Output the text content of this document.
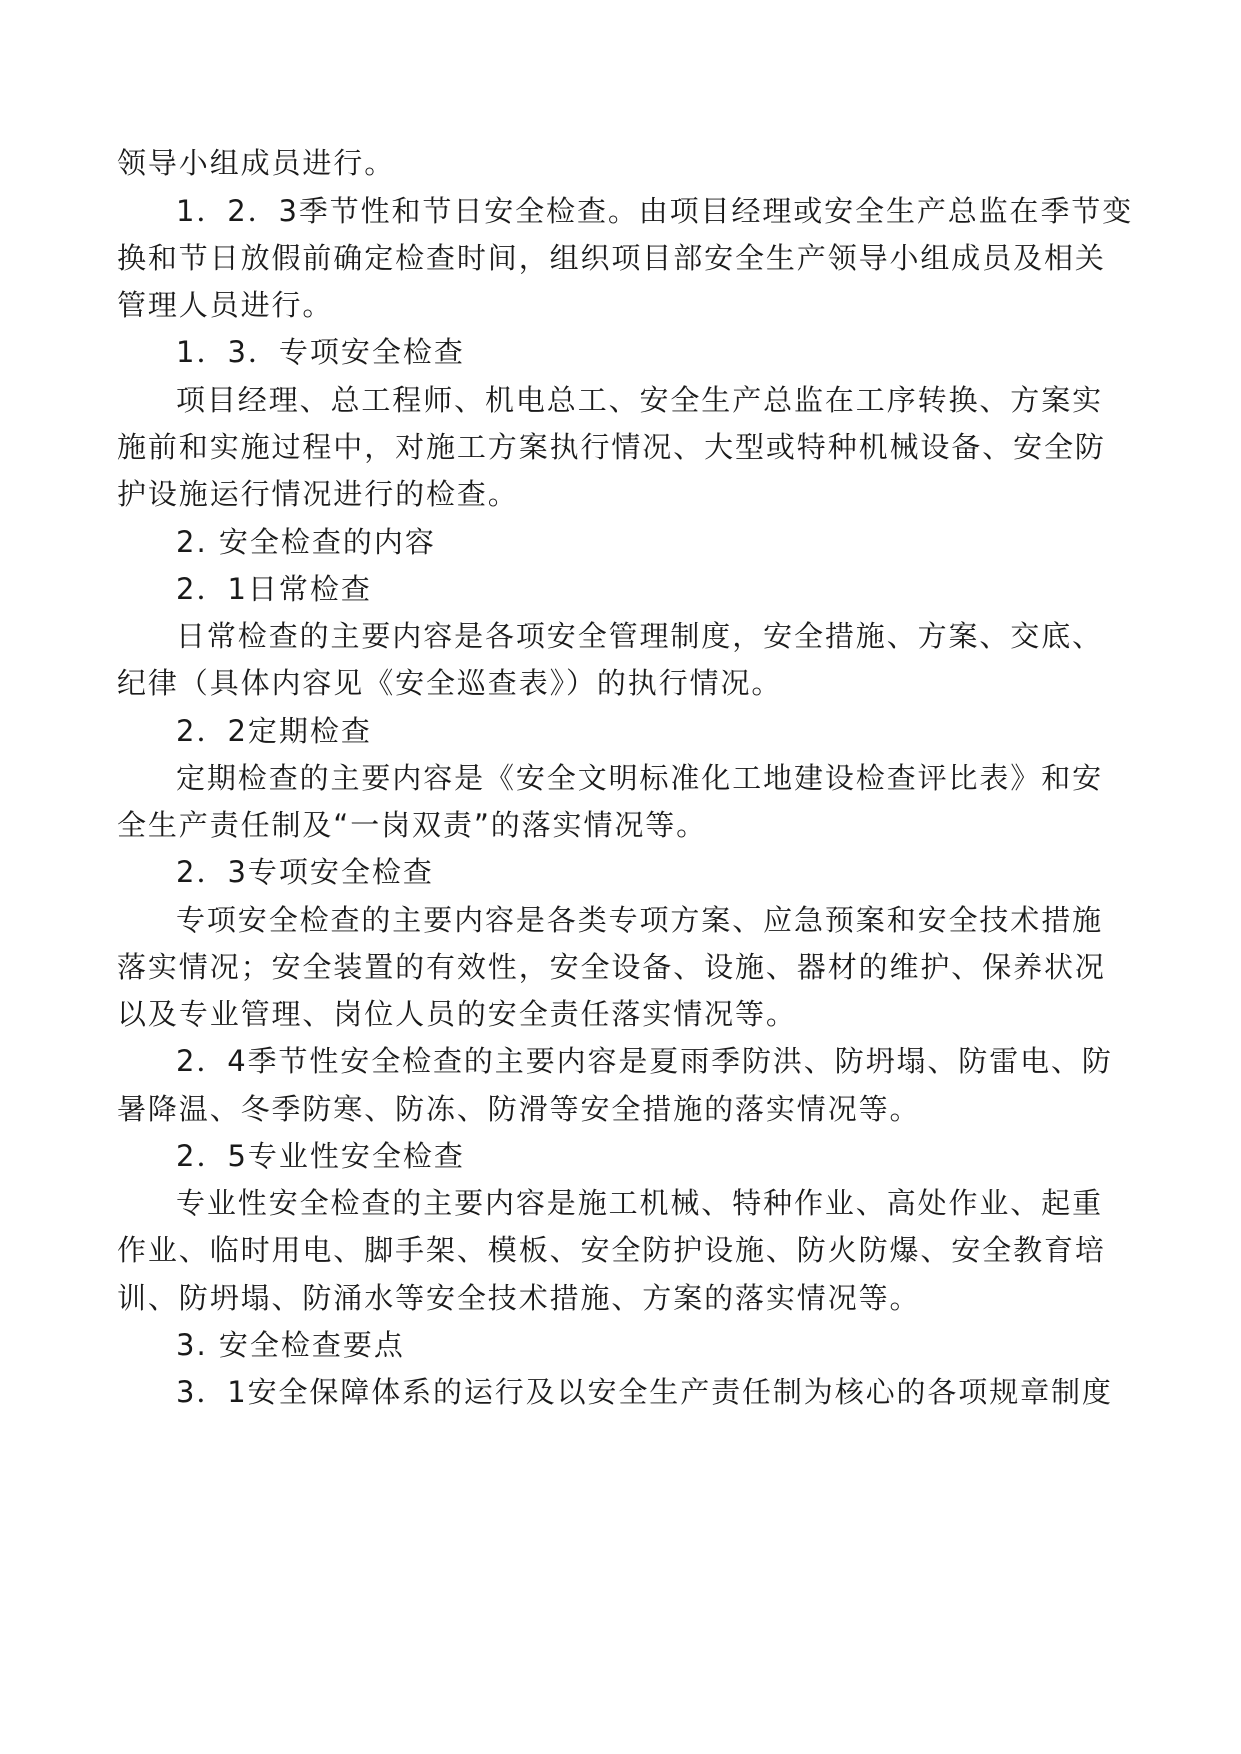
领导小组成员进行。
1．2．3季节性和节日安全检查。由项目经理或安全生产总监在季节变
换和节日放假前确定检查时间，组织项目部安全生产领导小组成员及相关
管理人员进行。
1．3．专项安全检查
项目经理、总工程师、机电总工、安全生产总监在工序转换、方案实
施前和实施过程中，对施工方案执行情况、大型或特种机械设备、安全防
护设施运行情况进行的检查。
2. 安全检查的内容
2．1日常检查
日常检查的主要内容是各项安全管理制度，安全措施、方案、交底、
纪律（具体内容见《安全巡查表》）的执行情况。
2．2定期检查
定期检查的主要内容是《安全文明标准化工地建设检查评比表》和安
全生产责任制及“一岗双责”的落实情况等。
2．3专项安全检查
专项安全检查的主要内容是各类专项方案、应急预案和安全技术措施
落实情况；安全装置的有效性，安全设备、设施、器材的维护、保养状况
以及专业管理、岗位人员的安全责任落实情况等。
2．4季节性安全检查的主要内容是夏雨季防洪、防坍塌、防雷电、防
暑降温、冬季防寒、防冻、防滑等安全措施的落实情况等。
2．5专业性安全检查
专业性安全检查的主要内容是施工机械、特种作业、高处作业、起重
作业、临时用电、脚手架、模板、安全防护设施、防火防爆、安全教育培
训、防坍塌、防涌水等安全技术措施、方案的落实情况等。
3. 安全检查要点
3．1安全保障体系的运行及以安全生产责任制为核心的各项规章制度
